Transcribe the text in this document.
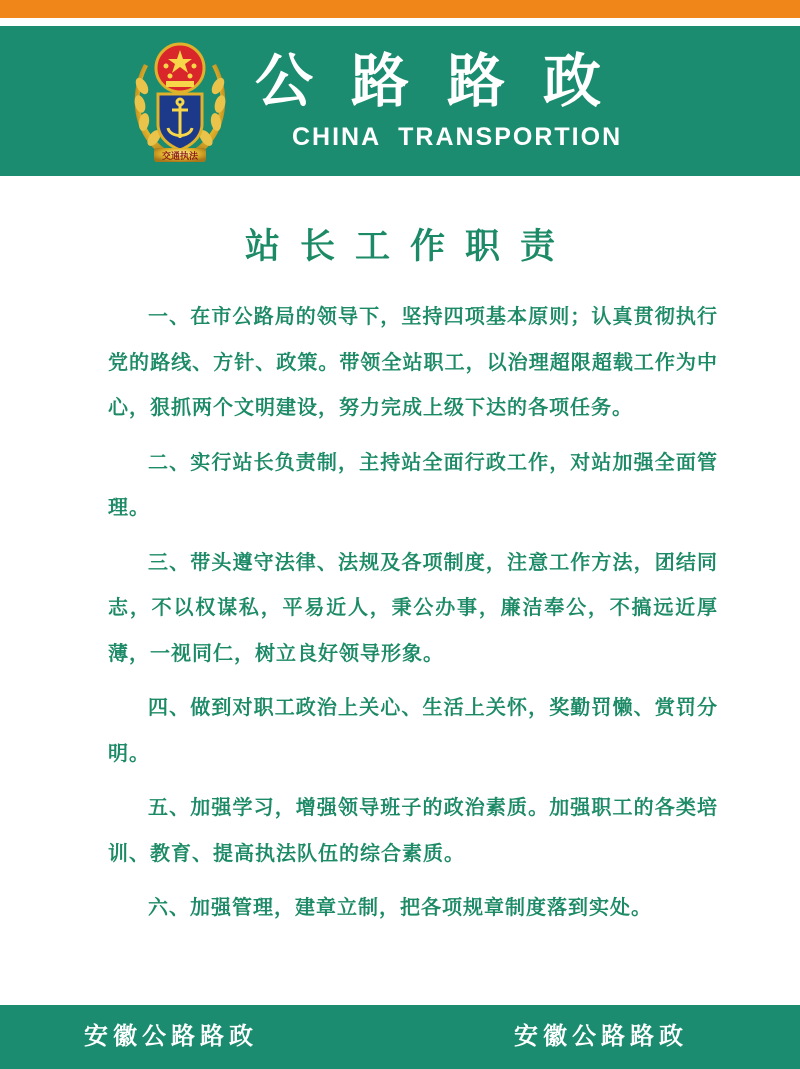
交通执法
公路路政
CHINA  TRANSPORTION
站长工作职责

一、在市公路局的领导下，坚持四项基本原则；认真贯彻执行党的路线、方针、政策。带领全站职工，以治理超限超载工作为中心，狠抓两个文明建设，努力完成上级下达的各项任务。

二、实行站长负责制，主持站全面行政工作，对站加强全面管理。

三、带头遵守法律、法规及各项制度，注意工作方法，团结同志，不以权谋私，平易近人，秉公办事，廉洁奉公，不搞远近厚薄，一视同仁，树立良好领导形象。

四、做到对职工政治上关心、生活上关怀，奖勤罚懒、赏罚分明。

五、加强学习，增强领导班子的政治素质。加强职工的各类培训、教育、提高执法队伍的综合素质。

六、加强管理，建章立制，把各项规章制度落到实处。

安徽公路路政	安徽公路路政
